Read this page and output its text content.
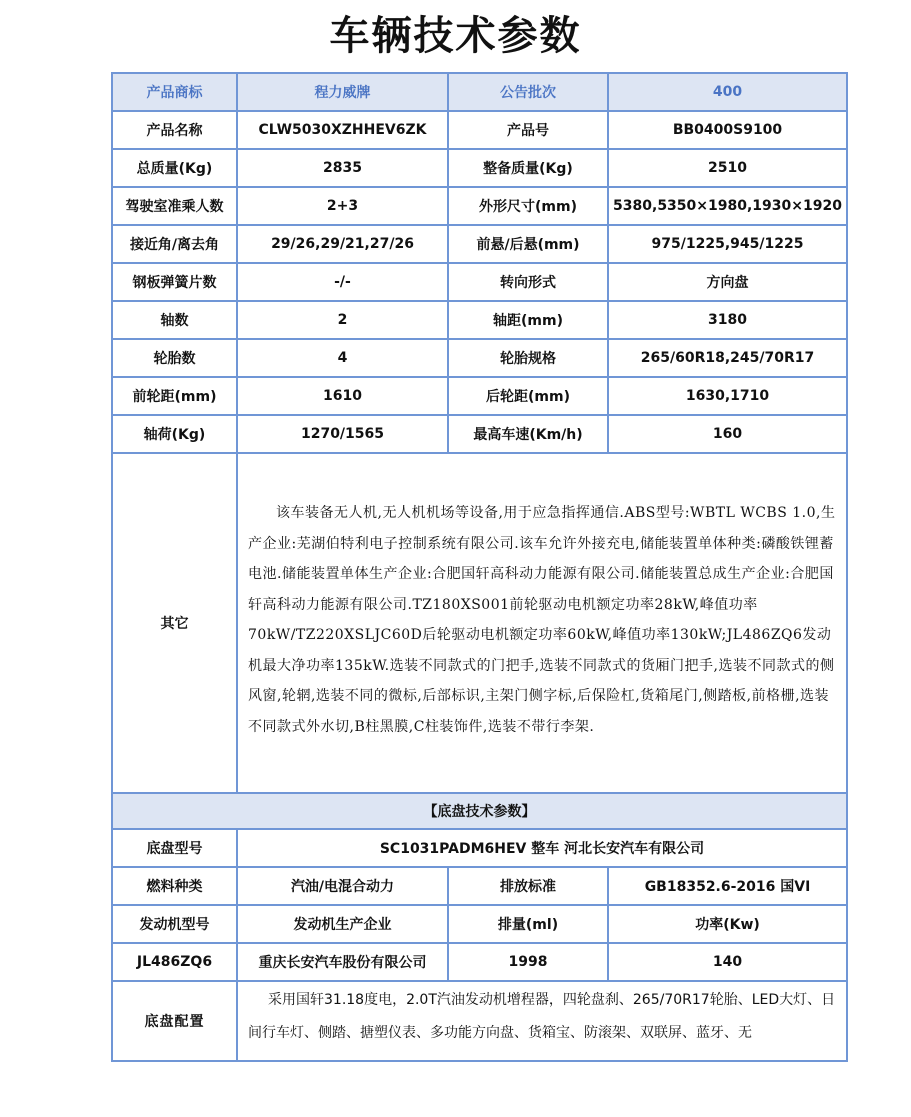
车辆技术参数
产品商标	程力威牌	公告批次	400
产品名称	CLW5030XZHHEV6ZK	产品号	BB0400S9100
总质量(Kg)	2835	整备质量(Kg)	2510
驾驶室准乘人数	2+3	外形尺寸(mm)	5380,5350×1980,1930×1920
接近角/离去角	29/26,29/21,27/26	前悬/后悬(mm)	975/1225,945/1225
钢板弹簧片数	-/-	转向形式	方向盘
轴数	2	轴距(mm)	3180
轮胎数	4	轮胎规格	265/60R18,245/70R17
前轮距(mm)	1610	后轮距(mm)	1630,1710
轴荷(Kg)	1270/1565	最高车速(Km/h)	160
其它	该车装备无人机,无人机机场等设备,用于应急指挥通信.ABS型号:WBTL WCBS 1.0,生产企业:芜湖伯特利电子控制系统有限公司.该车允许外接充电,储能装置单体种类:磷酸铁锂蓄电池.储能装置单体生产企业:合肥国轩高科动力能源有限公司.储能装置总成生产企业:合肥国轩高科动力能源有限公司.TZ180XS001前轮驱动电机额定功率28kW,峰值功率70kW/TZ220XSLJC60D后轮驱动电机额定功率60kW,峰值功率130kW;JL486ZQ6发动机最大净功率135kW.选装不同款式的门把手,选装不同款式的货厢门把手,选装不同款式的侧风窗,轮辋,选装不同的微标,后部标识,主架门侧字标,后保险杠,货箱尾门,侧踏板,前格栅,选装不同款式外水切,B柱黑膜,C柱装饰件,选装不带行李架.		
【底盘技术参数】			
底盘型号	SC1031PADM6HEV 整车 河北长安汽车有限公司		
燃料种类	汽油/电混合动力	排放标准	GB18352.6-2016 国VI
发动机型号	发动机生产企业	排量(ml)	功率(Kw)
JL486ZQ6	重庆长安汽车股份有限公司	1998	140
底盘配置	采用国轩31.18度电，2.0T汽油发动机增程器，四轮盘刹、265/70R17轮胎、LED大灯、日间行车灯、侧踏、搪塑仪表、多功能方向盘、货箱宝、防滚架、双联屏、蓝牙、无		
